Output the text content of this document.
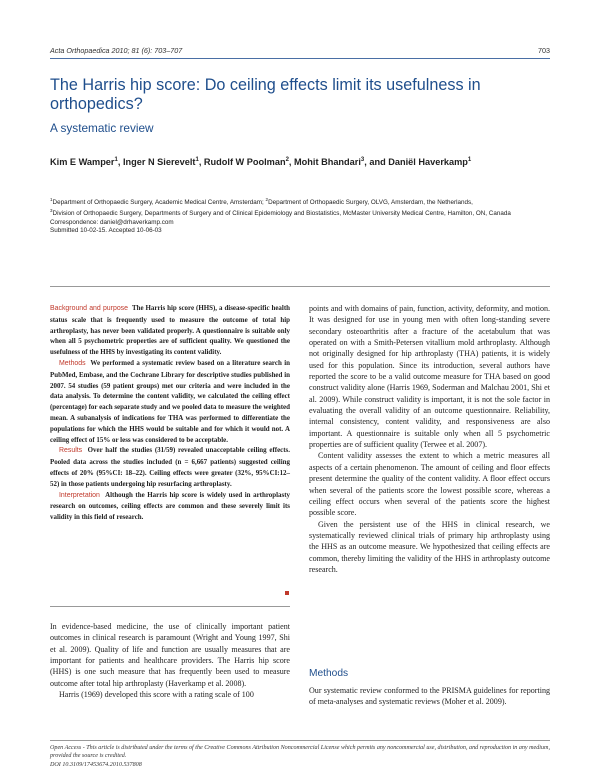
Acta Orthopaedica 2010; 81 (6): 703–707	703
The Harris hip score: Do ceiling effects limit its usefulness in orthopedics?
A systematic review
Kim E Wamper$^1$, Inger N Sierevelt$^1$, Rudolf W Poolman$^2$, Mohit Bhandari$^3$, and Daniël Haverkamp$^1$
$^1$Department of Orthopaedic Surgery, Academic Medical Centre, Amsterdam; $^2$Department of Orthopaedic Surgery, OLVG, Amsterdam, the Netherlands,
$^3$Division of Orthopaedic Surgery, Departments of Surgery and of Clinical Epidemiology and Biostatistics, McMaster University Medical Centre, Hamilton, ON, Canada
Correspondence: daniel@drhaverkamp.com
Submitted 10-02-15. Accepted 10-06-03

Background and purpose The Harris hip score (HHS), a disease-specific health status scale that is frequently used to measure the outcome of total hip arthroplasty, has never been validated properly. A questionnaire is suitable only when all 5 psychometric properties are of sufficient quality. We questioned the usefulness of the HHS by investigating its content validity.

Methods We performed a systematic review based on a literature search in PubMed, Embase, and the Cochrane Library for descriptive studies published in 2007. 54 studies (59 patient groups) met our criteria and were included in the data analysis. To determine the content validity, we calculated the ceiling effect (percentage) for each separate study and we pooled data to measure the weighted mean. A subanalysis of indications for THA was performed to differentiate the populations for which the HHS would be suitable and for which it would not. A ceiling effect of 15% or less was considered to be acceptable.

Results Over half the studies (31/59) revealed unacceptable ceiling effects. Pooled data across the studies included (n = 6,667 patients) suggested ceiling effects of 20% (95%CI: 18–22). Ceiling effects were greater (32%, 95%CI:12–52) in those patients undergoing hip resurfacing arthroplasty.

Interpretation Although the Harris hip score is widely used in arthroplasty research on outcomes, ceiling effects are common and these severely limit its validity in this field of research.

In evidence-based medicine, the use of clinically important patient outcomes in clinical research is paramount (Wright and Young 1997, Shi et al. 2009). Quality of life and function are usually measures that are important for patients and healthcare providers. The Harris hip score (HHS) is one such measure that has frequently been used to measure outcome after total hip arthroplasty (Haverkamp et al. 2008).

Harris (1969) developed this score with a rating scale of 100

points and with domains of pain, function, activity, deformity, and motion. It was designed for use in young men with often long-standing severe secondary osteoarthritis after a fracture of the acetabulum that was operated on with a Smith-Petersen vitallium mold arthroplasty. Although not originally designed for hip arthroplasty (THA) patients, it is widely used for this population. Since its introduction, several authors have reported the score to be a valid outcome measure for THA based on good construct validity alone (Harris 1969, Soderman and Malchau 2001, Shi et al. 2009). While construct validity is important, it is not the sole factor in evaluating the overall validity of an outcome questionnaire. Reliability, internal consistency, content validity, and responsiveness are also important. A questionnaire is suitable only when all 5 psychometric properties are of sufficient quality (Terwee et al. 2007).

Content validity assesses the extent to which a metric measures all aspects of a certain phenomenon. The amount of ceiling and floor effects present determine the quality of the content validity. A floor effect occurs when several of the patients score the lowest possible score, whereas a ceiling effect occurs when several of the patients score the highest possible score.

Given the persistent use of the HHS in clinical research, we systematically reviewed clinical trials of primary hip arthroplasty using the HHS as an outcome measure. We hypothesized that ceiling effects are common, thereby limiting the validity of the HHS in arthroplasty outcome research.

Methods

Our systematic review conformed to the PRISMA guidelines for reporting of meta-analyses and systematic reviews (Moher et al. 2009).

Open Access - This article is distributed under the terms of the Creative Commons Attribution Noncommercial License which permits any noncommercial use, distribution, and reproduction in any medium, provided the source is credited.
DOI 10.3109/17453674.2010.537808
